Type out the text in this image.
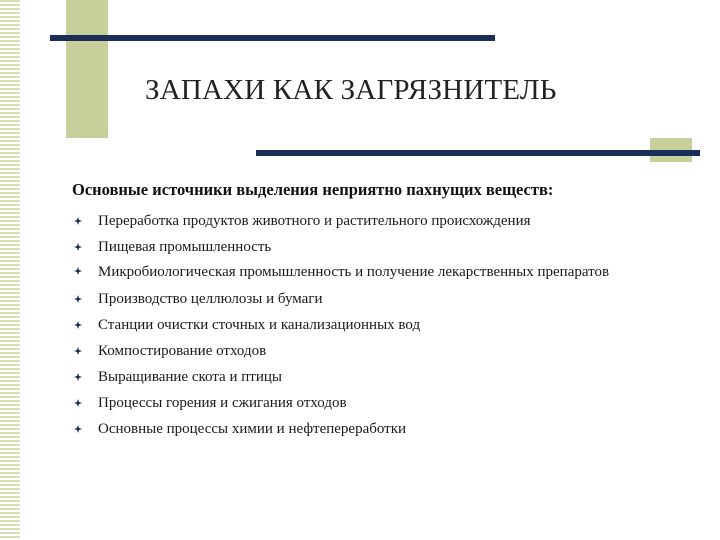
ЗАПАХИ КАК ЗАГРЯЗНИТЕЛЬ
Основные источники выделения неприятно пахнущих веществ:
Переработка продуктов животного и растительного происхождения
Пищевая промышленность
Микробиологическая промышленность и получение лекарственных препаратов
Производство целлюлозы и бумаги
Станции очистки сточных и канализационных вод
Компостирование отходов
Выращивание скота и птицы
Процессы горения и сжигания отходов
Основные процессы химии и нефтепереработки
